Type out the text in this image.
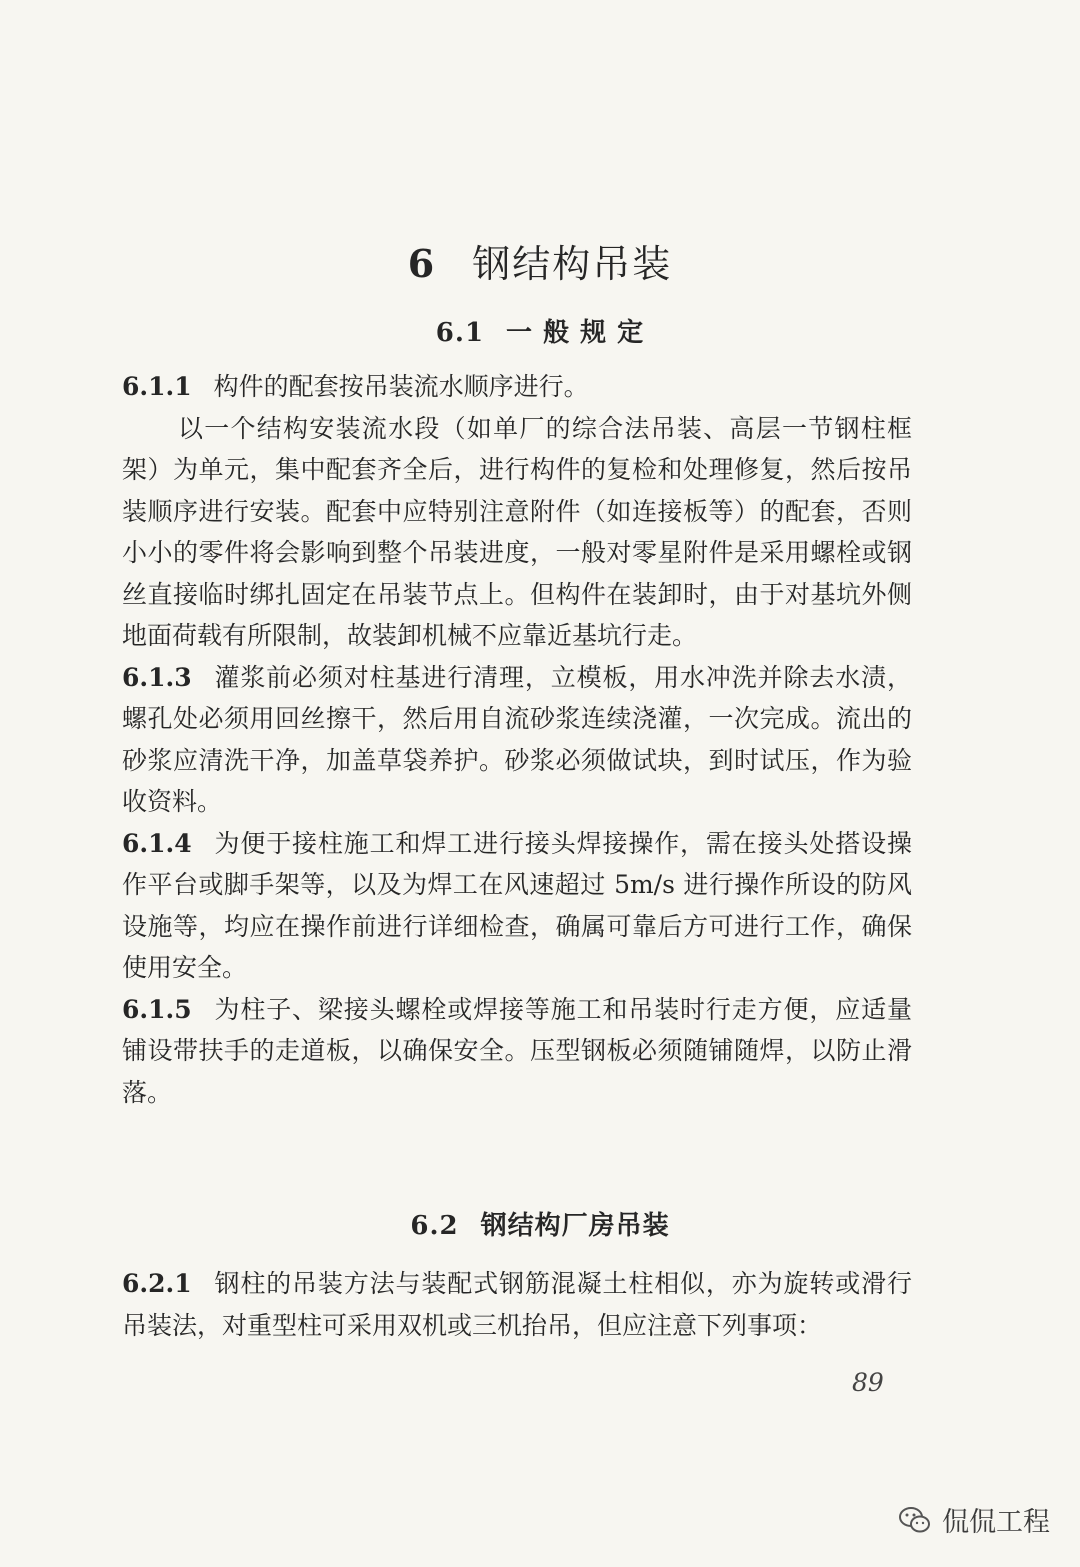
6 钢结构吊装
6.1 一 般 规 定

6.1.1 构件的配套按吊装流水顺序进行。

以一个结构安装流水段（如单厂的综合法吊装、高层一节钢柱框架）为单元，集中配套齐全后，进行构件的复检和处理修复，然后按吊装顺序进行安装。配套中应特别注意附件（如连接板等）的配套，否则小小的零件将会影响到整个吊装进度，一般对零星附件是采用螺栓或钢丝直接临时绑扎固定在吊装节点上。但构件在装卸时，由于对基坑外侧地面荷载有所限制，故装卸机械不应靠近基坑行走。

6.1.3 灌浆前必须对柱基进行清理，立模板，用水冲洗并除去水渍，螺孔处必须用回丝擦干，然后用自流砂浆连续浇灌，一次完成。流出的砂浆应清洗干净，加盖草袋养护。砂浆必须做试块，到时试压，作为验收资料。

6.1.4 为便于接柱施工和焊工进行接头焊接操作，需在接头处搭设操作平台或脚手架等，以及为焊工在风速超过 5m/s 进行操作所设的防风设施等，均应在操作前进行详细检查，确属可靠后方可进行工作，确保使用安全。

6.1.5 为柱子、梁接头螺栓或焊接等施工和吊装时行走方便，应适量铺设带扶手的走道板，以确保安全。压型钢板必须随铺随焊，以防止滑落。

6.2 钢结构厂房吊装

6.2.1 钢柱的吊装方法与装配式钢筋混凝土柱相似，亦为旋转或滑行吊装法，对重型柱可采用双机或三机抬吊，但应注意下列事项：

89
侃侃工程
